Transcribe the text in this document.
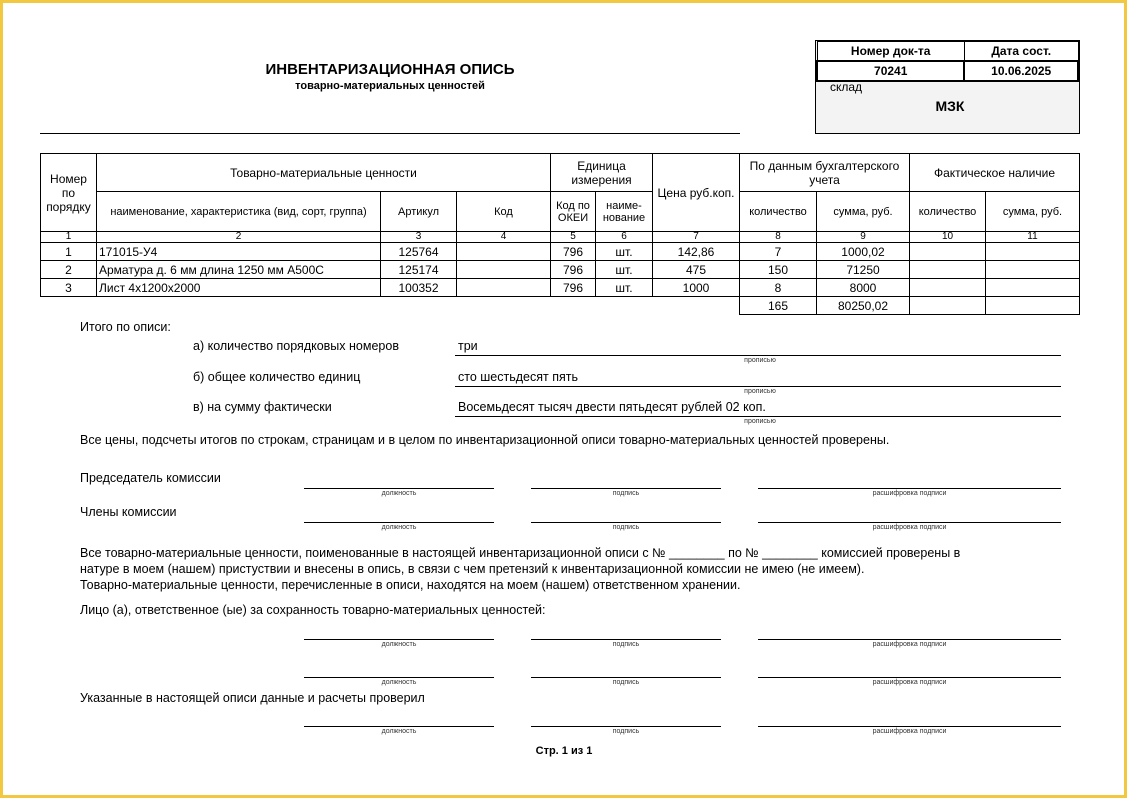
ИНВЕНТАРИЗАЦИОННАЯ ОПИСЬ
товарно-материальных ценностей
Номер док-та	Дата сост.
70241	10.06.2025
склад
МЗК
Номер по порядку	Товарно-материальные ценности			Единица измерения		Цена руб.коп.	По данным бухгалтерского учета		Фактическое наличие	
	наименование, характеристика (вид, сорт, группа)	Артикул	Код	Код по ОКЕИ	наиме-нование		количество	сумма, руб.	количество	сумма, руб.
1	2	3	4	5	6	7	8	9	10	11
1	171015-У4	125764		796	шт.	142,86	7	1000,02		
2	Арматура д. 6 мм длина 1250 мм А500С	125174		796	шт.	475	150	71250		
3	Лист 4х1200х2000	100352		796	шт.	1000	8	8000		
							165	80250,02		
Итого по описи:
а) количество порядковых номеров	три
прописью
б) общее количество единиц	сто шестьдесят пять
прописью
в) на сумму фактически	Восемьдесят тысяч двести пятьдесят рублей 02 коп.
прописью
Все цены, подсчеты итогов по строкам, страницам и в целом по инвентаризационной описи товарно-материальных ценностей проверены.
Председатель комиссии
должность	подпись	расшифровка подписи
Члены комиссии
должность	подпись	расшифровка подписи
Все товарно-материальные ценности, поименованные в настоящей инвентаризационной описи с № ________ по № ________ комиссией проверены в
натуре в моем (нашем) пристуствии и внесены в опись, в связи с чем претензий к инвентаризационной комиссии не имею (не имеем).
Товарно-материальные ценности, перечисленные в описи, находятся на моем (нашем) ответственном хранении.
Лицо (а), ответственное (ые) за сохранность товарно-материальных ценностей:
должность	подпись	расшифровка подписи
должность	подпись	расшифровка подписи
Указанные в настоящей описи данные и расчеты проверил
должность	подпись	расшифровка подписи
Стр. 1 из 1
